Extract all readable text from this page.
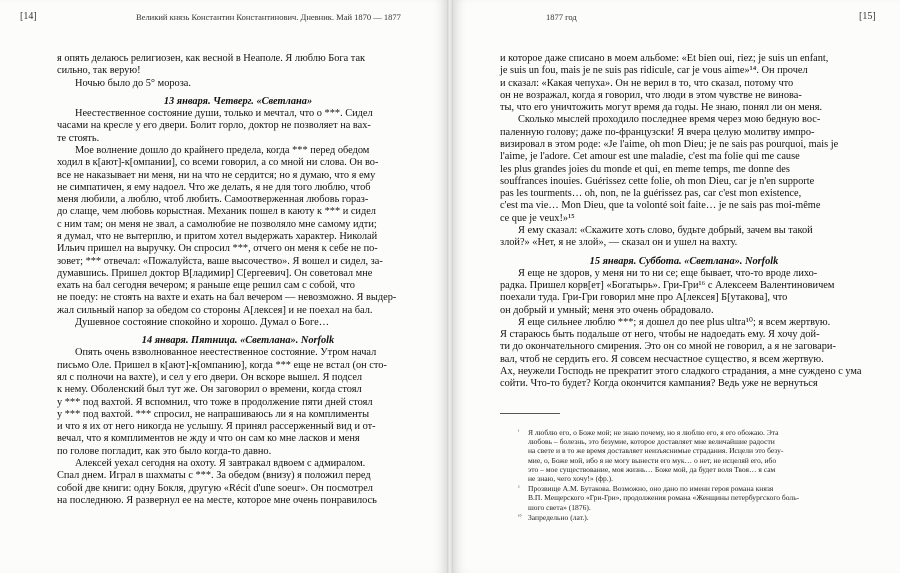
[14]	Великий князь Константин Константинович. Дневник. Май 1870 — 1877
я опять делаюсь религиозен, как весной в Неаполе. Я люблю Бога так
сильно, так верую!
Ночью было до 5° мороза.
13 января. Четверг. «Светлана»
Неестественное состояние души, только и мечтал, что о ***. Сидел
часами на кресле у его двери. Болит горло, доктор не позволяет на вах-
те стоять.
Мое волнение дошло до крайнего предела, когда *** перед обедом
ходил в к[ают]-к[омпании], со всеми говорил, а со мной ни слова. Он во-
все не наказывает ни меня, ни на что не сердится; но я думаю, что я ему
не симпатичен, я ему надоел. Что же делать, я не для того люблю, чтоб
меня любили, а люблю, чтоб любить. Самоотверженная любовь гораз-
до слаще, чем любовь корыстная. Механик пошел в каюту к *** и сидел
с ним там; он меня не звал, а самолюбие не позволяло мне самому идти;
я думал, что не вытерплю, и притом хотел выдержать характер. Николай
Ильич пришел на выручку. Он спросил ***, отчего он меня к себе не по-
зовет; *** отвечал: «Пожалуйста, ваше высочество». Я вошел и сидел, за-
думавшись. Пришел доктор В[ладимир] С[ергеевич]. Он советовал мне
ехать на бал сегодня вечером; я раньше еще решил сам с собой, что
не поеду: не стоять на вахте и ехать на бал вечером — невозможно. Я выдер-
жал сильный напор за обедом со стороны А[лексея] и не поехал на бал.
Душевное состояние спокойно и хорошо. Думал о Боге…
14 января. Пятница. «Светлана». Norfolk
Опять очень взволнованное неестественное состояние. Утром начал
письмо Оле. Пришел в к[ают]-к[омпанию], когда *** еще не встал (он сто-
ял с полночи на вахте), и сел у его двери. Он вскоре вышел. Я подсел
к нему. Оболенский был тут же. Он заговорил о времени, когда стоял
у *** под вахтой. Я вспомнил, что тоже в продолжение пяти дней стоял
у *** под вахтой. *** спросил, не напрашиваюсь ли я на комплименты
и что я их от него никогда не услышу. Я принял рассерженный вид и от-
вечал, что я комплиментов не жду и что он сам ко мне ласков и меня
по голове погладит, как это было когда-то давно.
Алексей уехал сегодня на охоту. Я завтракал вдвоем с адмиралом.
Спал днем. Играл в шахматы с ***. За обедом (внизу) я положил перед
собой две книги: одну Бокля, другую «Récit d'une soeur». Он посмотрел
на последнюю. Я развернул ее на месте, которое мне очень понравилось
1877 год	[15]
и которое даже списано в моем альбоме: «Et bien oui, riez; je suis un enfant,
je suis un fou, mais je ne suis pas ridicule, car je vous aime»¹⁴. Он прочел
и сказал: «Какая чепуха». Он не верил в то, что сказал, потому что
он не возражал, когда я говорил, что люди в этом чувстве не винова-
ты, что его уничтожить могут время да годы. Не знаю, понял ли он меня.
Сколько мыслей проходило последнее время через мою бедную вос-
паленную голову; даже по-французски! Я вчера целую молитву импро-
визировал в этом роде: «Je l'aime, oh mon Dieu; je ne sais pas pourquoi, mais je
l'aime, je l'adore. Cet amour est une maladie, c'est ma folie qui me cause
les plus grandes joies du monde et qui, en meme temps, me donne des
souffrances inouies. Guérissez cette folie, oh mon Dieu, car je n'en supporte
pas les tourments… oh, non, ne la guérissez pas, car c'est mon existence,
c'est ma vie… Mon Dieu, que ta volonté soit faite… je ne sais pas moi-même
ce que je veux!»¹⁵
Я ему сказал: «Скажите хоть слово, будьте добрый, зачем вы такой
злой?» «Нет, я не злой», — сказал он и ушел на вахту.
15 января. Суббота. «Светлана». Norfolk
Я еще не здоров, у меня ни то ни се; еще бывает, что-то вроде лихо-
радка. Пришел корв[ет] «Богатырь». Гри-Гри¹⁶ с Алексеем Валентиновичем
поехали туда. Гри-Гри говорил мне про А[лексея] Б[утакова], что
он добрый и умный; меня это очень обрадовало.
Я еще сильнее люблю ***; я дошел до nee plus ultra¹⁰; я всем жертвую.
Я стараюсь быть подальше от него, чтобы не надоедать ему. Я хочу дой-
ти до окончательного смирения. Это он со мной не говорил, а я не заговари-
вал, чтоб не сердить его. Я совсем несчастное существо, я всем жертвую.
Ах, неужели Господь не прекратит этого сладкого страдания, а мне суждено с ума
сойти. Что-то будет? Когда окончится кампания? Ведь уже не вернуться
¹ Я люблю его, о Боже мой; не знаю почему, но я люблю его, я его обожаю. Эта
любовь – болезнь, это безумие, которое доставляет мне величайшие радости
на свете и в то же время доставляет неизъяснимые страдания. Исцели это безу-
мие, о, Боже мой, ибо я не могу вынести его мук… о нет, не исцеляй его, ибо
это – мое существование, моя жизнь… Боже мой, да будет воля Твоя… я сам
не знаю, чего хочу!» (фр.).
² Прозвище А.М. Бутакова. Возможно, оно дано по имени героя романа князя
В.П. Мещерского «Гри-Гри», продолжения романа «Женщины петербургского боль-
шого света» (1876).
¹⁰ Запредельно (лат.).
